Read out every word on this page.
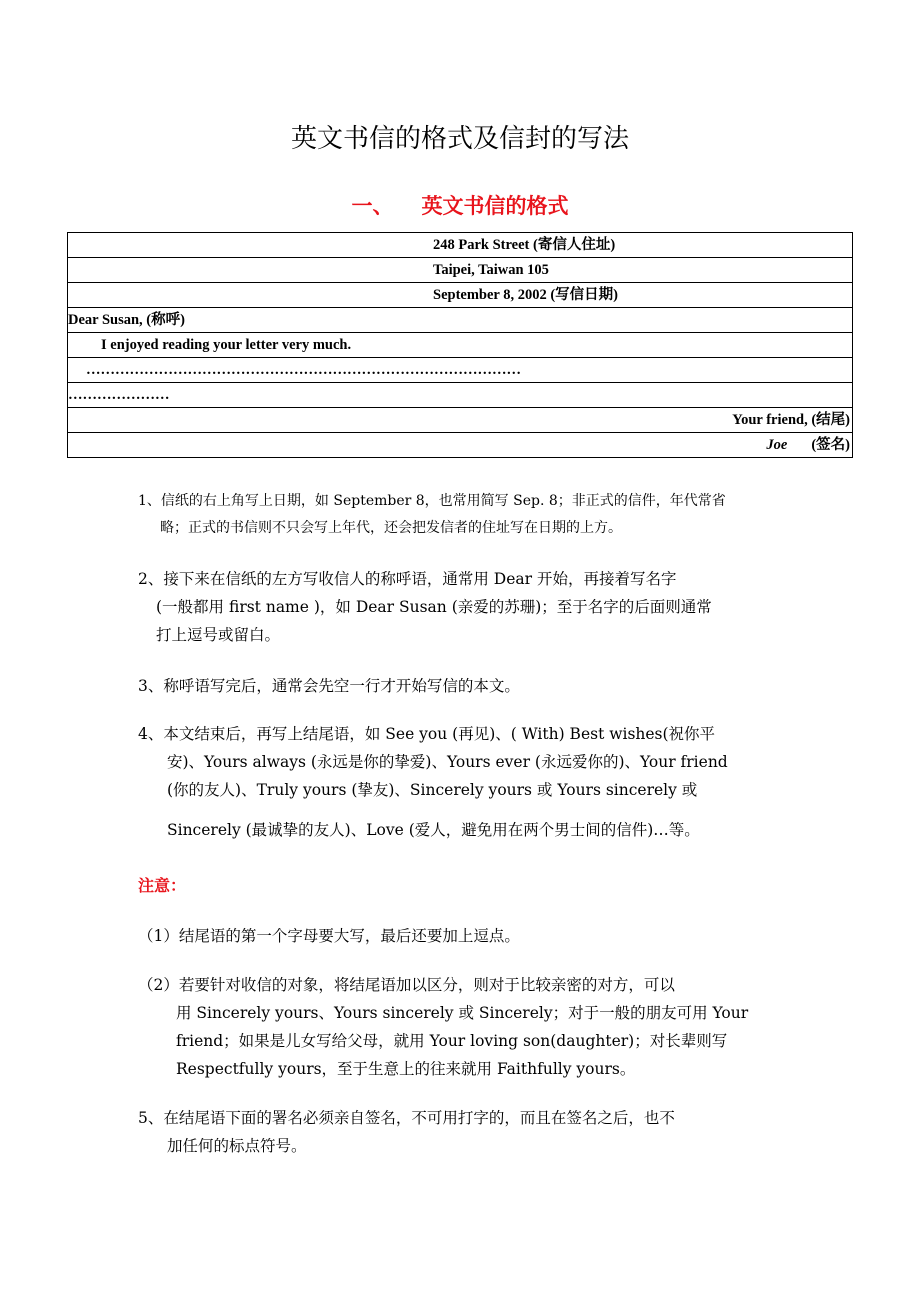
英文书信的格式及信封的写法
一、 英文书信的格式
248 Park Street (寄信人住址)
Taipei, Taiwan 105
September 8, 2002 (写信日期)
Dear Susan, (称呼)
I enjoyed reading your letter very much.
………………………………………………………………………………
…………………
Your friend, (结尾)
Joe (签名)
1、信纸的右上角写上日期，如 September 8，也常用简写 Sep. 8；非正式的信件，年代常省
略；正式的书信则不只会写上年代，还会把发信者的住址写在日期的上方。
2、接下来在信纸的左方写收信人的称呼语，通常用 Dear 开始，再接着写名字
(一般都用 first name )，如 Dear Susan (亲爱的苏珊)；至于名字的后面则通常
打上逗号或留白。
3、称呼语写完后，通常会先空一行才开始写信的本文。
4、本文结束后，再写上结尾语，如 See you (再见)、( With) Best wishes(祝你平
安)、Yours always (永远是你的挚爱)、Yours ever (永远爱你的)、Your friend
(你的友人)、Truly yours (挚友)、Sincerely yours 或 Yours sincerely 或
Sincerely (最诚挚的友人)、Love (爱人，避免用在两个男士间的信件)…等。
注意：
（1）结尾语的第一个字母要大写，最后还要加上逗点。
（2）若要针对收信的对象，将结尾语加以区分，则对于比较亲密的对方，可以
用 Sincerely yours、Yours sincerely 或 Sincerely；对于一般的朋友可用 Your
friend；如果是儿女写给父母，就用 Your loving son(daughter)；对长辈则写
Respectfully yours，至于生意上的往来就用 Faithfully yours。
5、在结尾语下面的署名必须亲自签名，不可用打字的，而且在签名之后，也不
加任何的标点符号。
